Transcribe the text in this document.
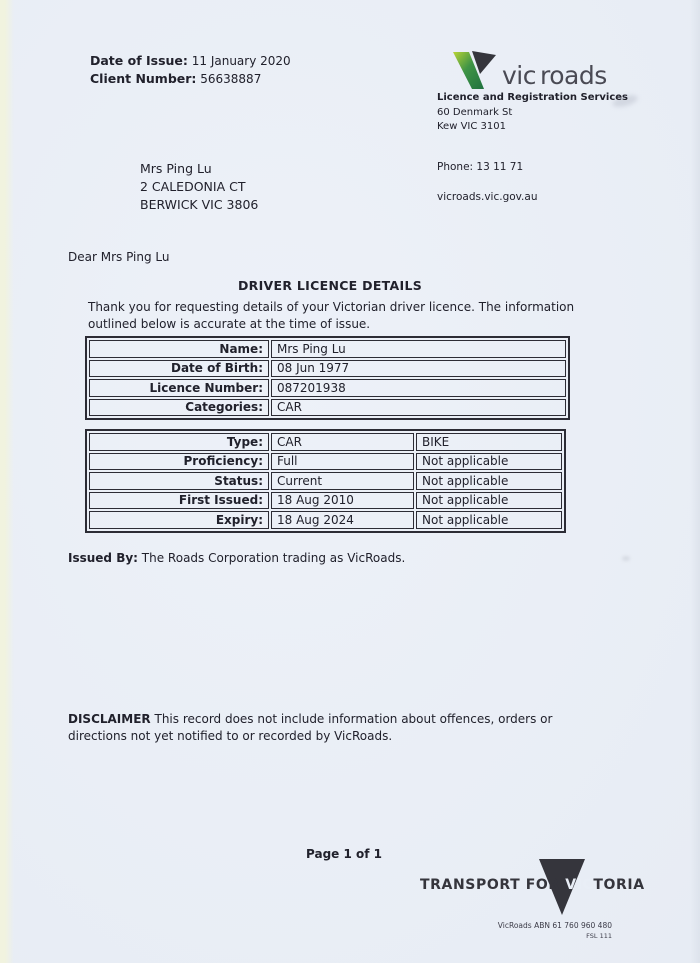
Date of Issue: 11 January 2020
Client Number: 56638887	vic roads
Licence and Registration Services
60 Denmark St
Kew VIC 3101
Mrs Ping Lu
2 CALEDONIA CT
BERWICK VIC 3806
Phone: 13 11 71
vicroads.vic.gov.au
Dear Mrs Ping Lu
DRIVER LICENCE DETAILS
Thank you for requesting details of your Victorian driver licence. The information outlined below is accurate at the time of issue.
Name:	Mrs Ping Lu
Date of Birth:	08 Jun 1977
Licence Number:	087201938
Categories:	CAR
Type:	CAR	BIKE
Proficiency:	Full	Not applicable
Status:	Current	Not applicable
First Issued:	18 Aug 2010	Not applicable
Expiry:	18 Aug 2024	Not applicable
Issued By: The Roads Corporation trading as VicRoads.
DISCLAIMER This record does not include information about offences, orders or directions not yet notified to or recorded by VicRoads.
Page 1 of 1
TRANSPORT FOR VICTORIA
VicRoads ABN 61 760 960 480
FSL 111
